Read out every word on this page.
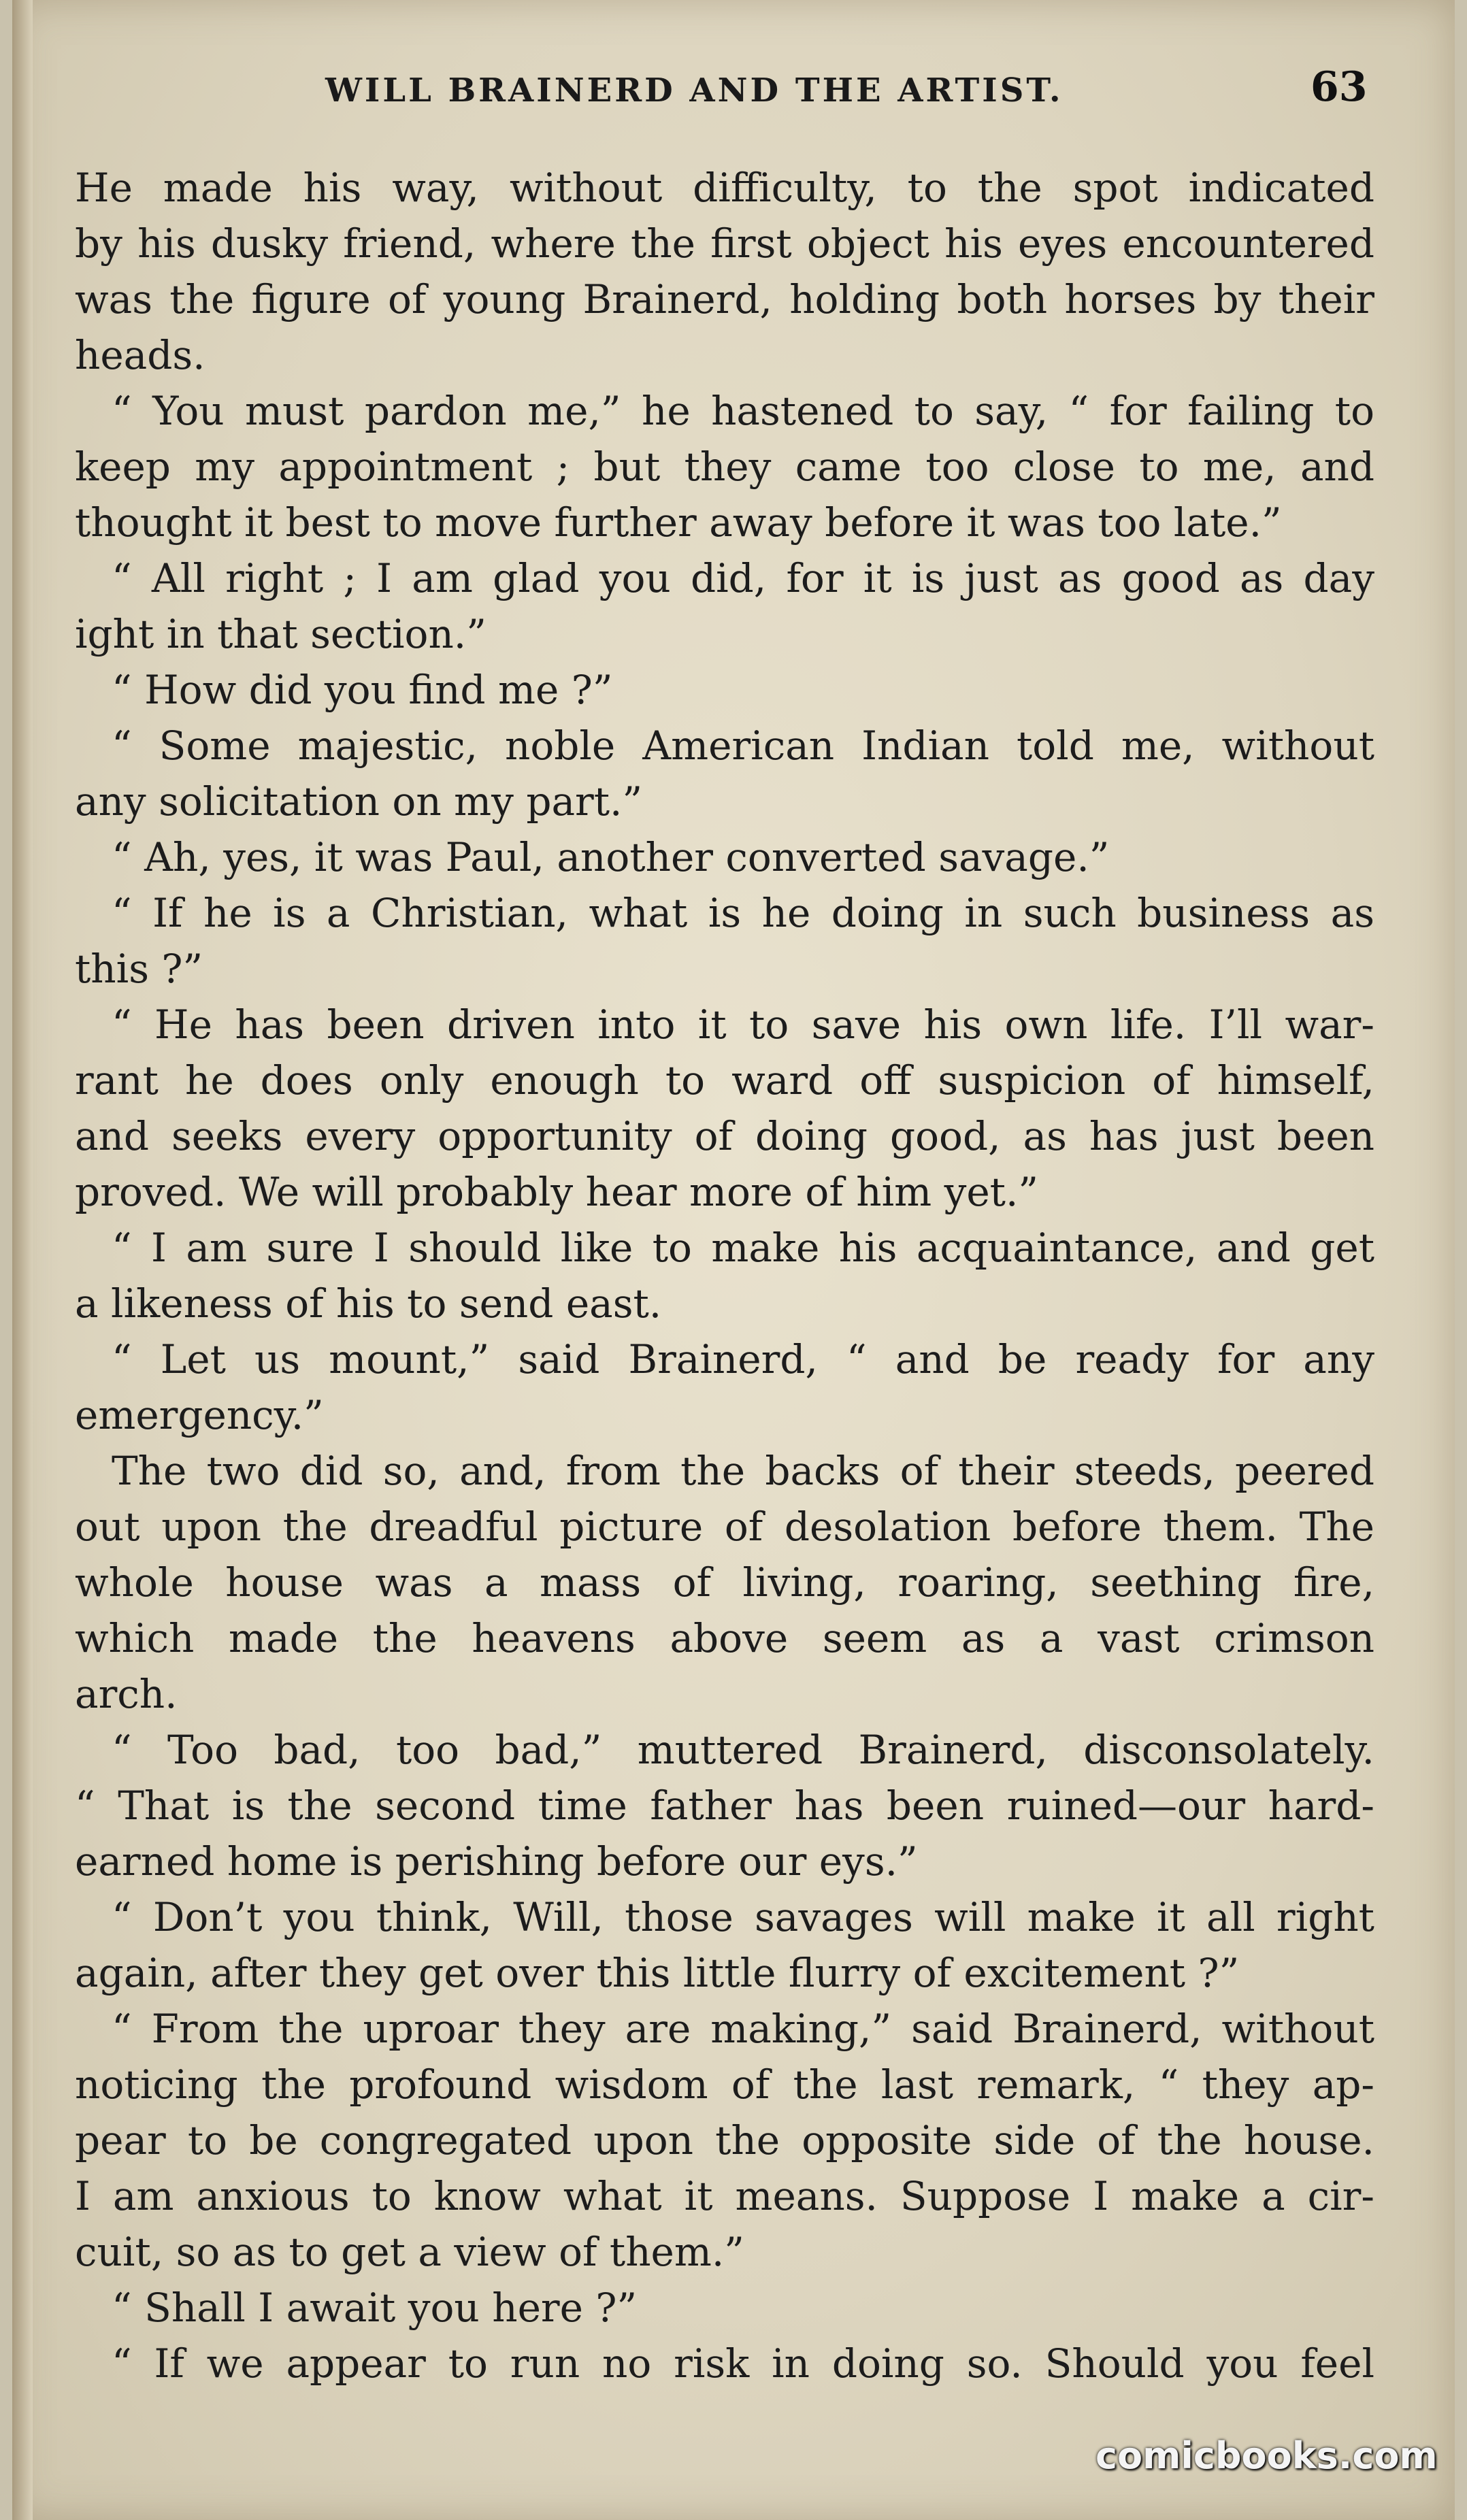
WILL BRAINERD AND THE ARTIST.	63
He made his way, without difficulty, to the spot indicated
by his dusky friend, where the first object his eyes encountered
was the figure of young Brainerd, holding both horses by their
heads.
“ You must pardon me,” he hastened to say, “ for failing to
keep my appointment ; but they came too close to me, and
thought it best to move further away before it was too late.”
“ All right ; I am glad you did, for it is just as good as day
ight in that section.”
“ How did you find me ?”
“ Some majestic, noble American Indian told me, without
any solicitation on my part.”
“ Ah, yes, it was Paul, another converted savage.”
“ If he is a Christian, what is he doing in such business as
this ?”
“ He has been driven into it to save his own life. I’ll war-
rant he does only enough to ward off suspicion of himself,
and seeks every opportunity of doing good, as has just been
proved. We will probably hear more of him yet.”
“ I am sure I should like to make his acquaintance, and get
a likeness of his to send east.
“ Let us mount,” said Brainerd, “ and be ready for any
emergency.”
The two did so, and, from the backs of their steeds, peered
out upon the dreadful picture of desolation before them. The
whole house was a mass of living, roaring, seething fire,
which made the heavens above seem as a vast crimson
arch.
“ Too bad, too bad,” muttered Brainerd, disconsolately.
“ That is the second time father has been ruined—our hard-
earned home is perishing before our eys.”
“ Don’t you think, Will, those savages will make it all right
again, after they get over this little flurry of excitement ?”
“ From the uproar they are making,” said Brainerd, without
noticing the profound wisdom of the last remark, “ they ap-
pear to be congregated upon the opposite side of the house.
I am anxious to know what it means. Suppose I make a cir-
cuit, so as to get a view of them.”
“ Shall I await you here ?”
“ If we appear to run no risk in doing so. Should you feel
comicbooks.com
